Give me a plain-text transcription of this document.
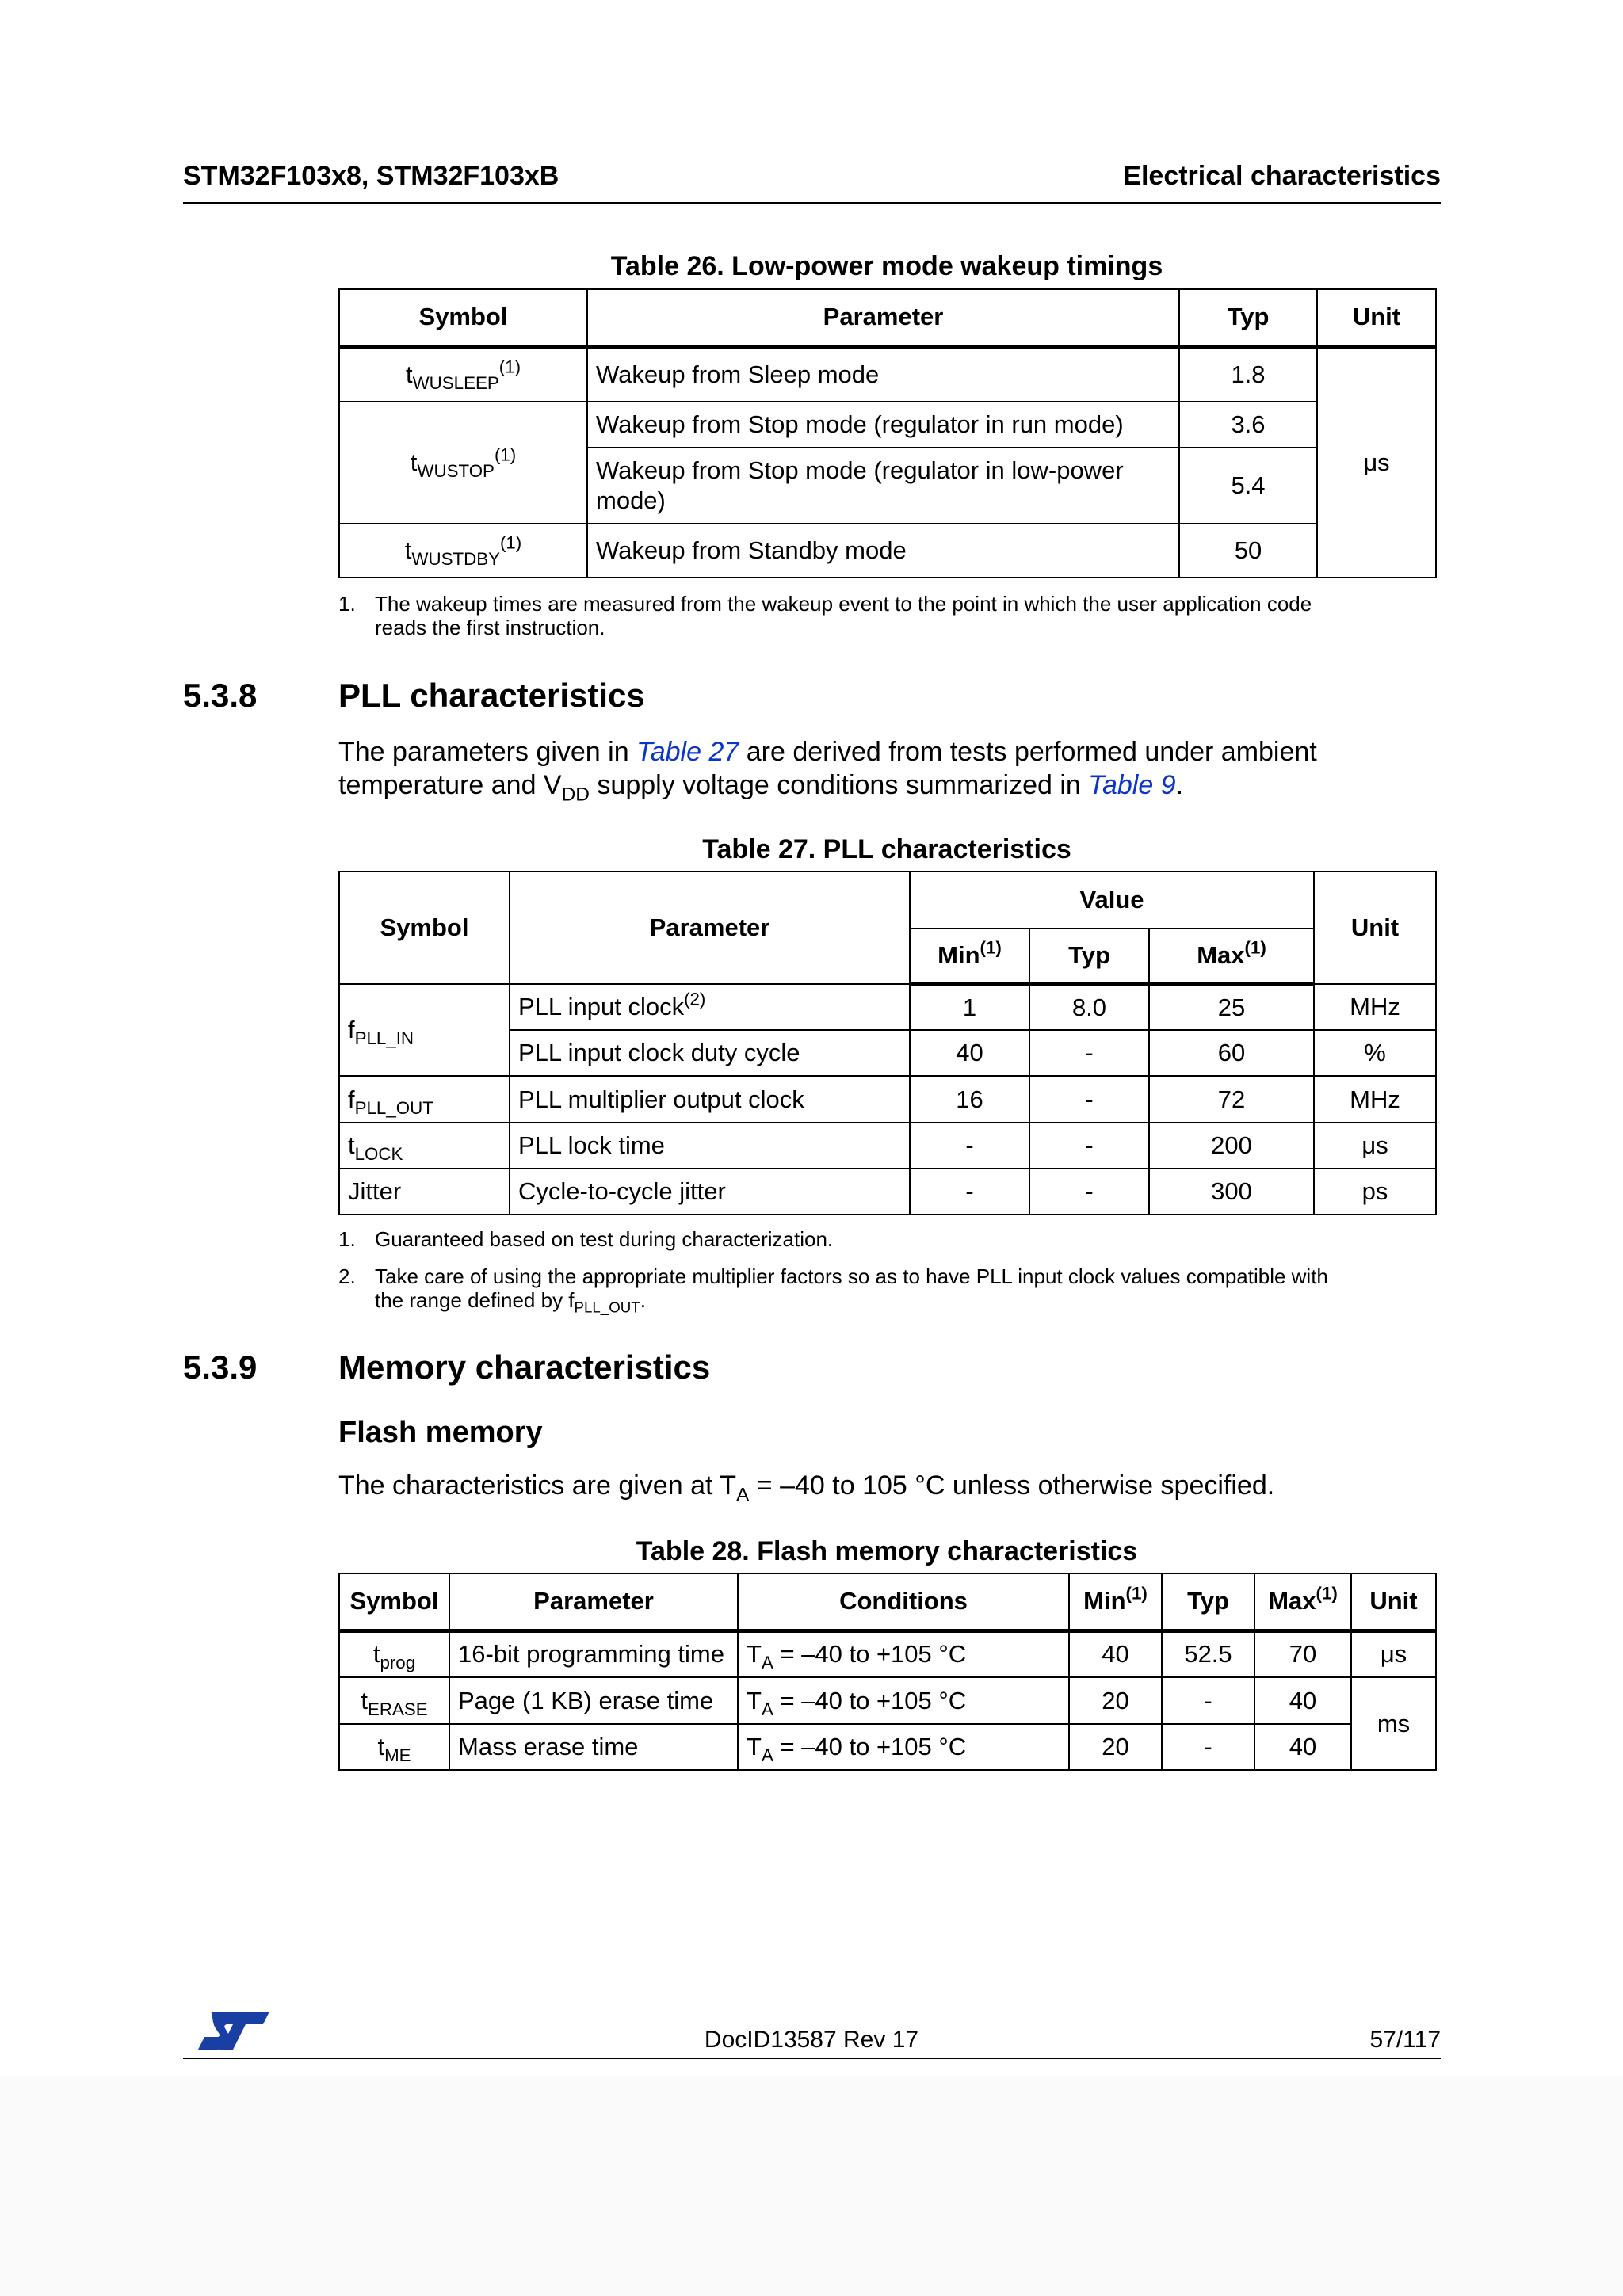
STM32F103x8, STM32F103xB	Electrical characteristics
Table 26. Low-power mode wakeup timings
Symbol	Parameter	Typ	Unit
$t_{WUSLEEP}^{(1)}$	Wakeup from Sleep mode	1.8	μs
$t_{WUSTOP}^{(1)}$	Wakeup from Stop mode (regulator in run mode)	3.6	
	Wakeup from Stop mode (regulator in low-power mode)	5.4	
$t_{WUSTDBY}^{(1)}$	Wakeup from Standby mode	50	
1. The wakeup times are measured from the wakeup event to the point in which the user application code
reads the first instruction.
5.3.8 PLL characteristics
The parameters given in Table 27 are derived from tests performed under ambient
temperature and $V_{DD}$ supply voltage conditions summarized in Table 9.
Table 27. PLL characteristics
Symbol	Parameter	Value			Unit
		Min$^{(1)}$	Typ	Max$^{(1)}$
$f_{PLL\_IN}$	PLL input clock$^{(2)}$	1	8.0	25	MHz
	PLL input clock duty cycle	40	-	60	%
$f_{PLL\_OUT}$	PLL multiplier output clock	16	-	72	MHz
$t_{LOCK}$	PLL lock time	-	-	200	μs
Jitter	Cycle-to-cycle jitter	-	-	300	ps
1. Guaranteed based on test during characterization.
2. Take care of using the appropriate multiplier factors so as to have PLL input clock values compatible with
the range defined by $f_{PLL\_OUT}$.
5.3.9 Memory characteristics
Flash memory
The characteristics are given at $T_A = -40$ to 105 °C unless otherwise specified.
Table 28. Flash memory characteristics
Symbol	Parameter	Conditions	Min$^{(1)}$	Typ	Max$^{(1)}$	Unit
$t_{prog}$	16-bit programming time	$T_A = -40$ to +105 °C	40	52.5	70	μs
$t_{ERASE}$	Page (1 KB) erase time	$T_A = -40$ to +105 °C	20	-	40	ms
$t_{ME}$	Mass erase time	$T_A = -40$ to +105 °C	20	-	40	
DocID13587 Rev 17	57/117
